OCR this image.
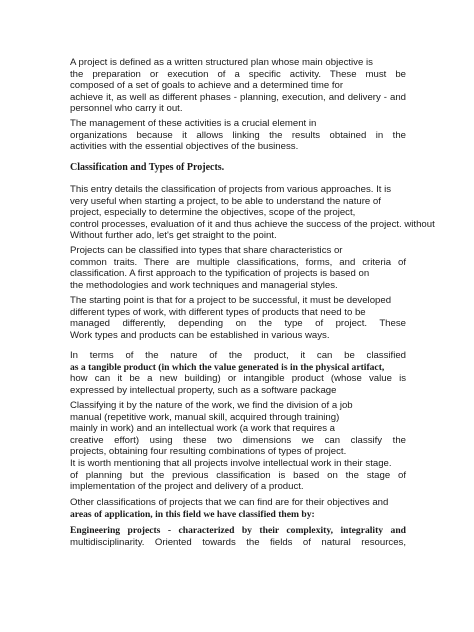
A project is defined as a written structured plan whose main objective is
the preparation or execution of a specific activity. These must be
composed of a set of goals to achieve and a determined time for
achieve it, as well as different phases - planning, execution, and delivery - and
personnel who carry it out.
The management of these activities is a crucial element in
organizations because it allows linking the results obtained in the
activities with the essential objectives of the business.
Classification and Types of Projects.
This entry details the classification of projects from various approaches. It is
very useful when starting a project, to be able to understand the nature of
project, especially to determine the objectives, scope of the project,
control processes, evaluation of it and thus achieve the success of the project. without
Without further ado, let's get straight to the point.
Projects can be classified into types that share characteristics or
common traits. There are multiple classifications, forms, and criteria of
classification. A first approach to the typification of projects is based on
the methodologies and work techniques and managerial styles.
The starting point is that for a project to be successful, it must be developed
different types of work, with different types of products that need to be
managed differently, depending on the type of project. These
Work types and products can be established in various ways.
In terms of the nature of the product, it can be classified
as a tangible product (in which the value generated is in the physical artifact,
how can it be a new building) or intangible product (whose value is
expressed by intellectual property, such as a software package
Classifying it by the nature of the work, we find the division of a job
manual (repetitive work, manual skill, acquired through training)
mainly in work) and an intellectual work (a work that requires a
creative effort) using these two dimensions we can classify the
projects, obtaining four resulting combinations of types of project.
It is worth mentioning that all projects involve intellectual work in their stage.
of planning but the previous classification is based on the stage of
implementation of the project and delivery of a product.
Other classifications of projects that we can find are for their objectives and
areas of application, in this field we have classified them by:
Engineering projects - characterized by their complexity, integrality and
multidisciplinarity. Oriented towards the fields of natural resources,
